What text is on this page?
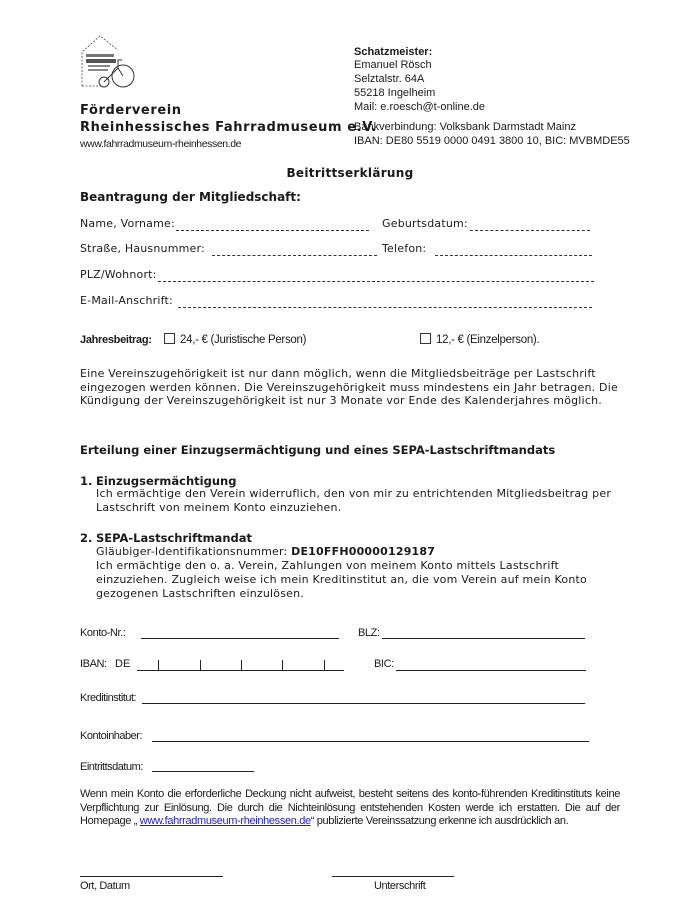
Förderverein
Rheinhessisches Fahrradmuseum e.V.
www.fahrradmuseum-rheinhessen.de
Schatzmeister:
Emanuel Rösch
Selztalstr. 64A
55218 Ingelheim
Mail: e.roesch@t-online.de
Bankverbindung: Volksbank Darmstadt Mainz
IBAN: DE80 5519 0000 0491 3800 10, BIC: MVBMDE55
Beitrittserklärung
Beantragung der Mitgliedschaft:
Name, Vorname:	Geburtsdatum:
Straße, Hausnummer:	Telefon:
PLZ/Wohnort:
E-Mail-Anschrift:
Jahresbeitrag:	24,- € (Juristische Person)	12,- € (Einzelperson).
Eine Vereinszugehörigkeit ist nur dann möglich, wenn die Mitgliedsbeiträge per Lastschrift eingezogen werden können. Die Vereinszugehörigkeit muss mindestens ein Jahr betragen. Die Kündigung der Vereinszugehörigkeit ist nur 3 Monate vor Ende des Kalenderjahres möglich.
Erteilung einer Einzugsermächtigung und eines SEPA-Lastschriftmandats
1. Einzugsermächtigung
Ich ermächtige den Verein widerruflich, den von mir zu entrichtenden Mitgliedsbeitrag per Lastschrift von meinem Konto einzuziehen.
2. SEPA-Lastschriftmandat
Gläubiger-Identifikationsnummer: DE10FFH00000129187
Ich ermächtige den o. a. Verein, Zahlungen von meinem Konto mittels Lastschrift einzuziehen. Zugleich weise ich mein Kreditinstitut an, die vom Verein auf mein Konto gezogenen Lastschriften einzulösen.
Konto-Nr.:	BLZ:
IBAN: DE	BIC:
Kreditinstitut:
Kontoinhaber:
Eintrittsdatum:
Wenn mein Konto die erforderliche Deckung nicht aufweist, besteht seitens des konto-führenden Kreditinstituts keine Verpflichtung zur Einlösung. Die durch die Nichteinlösung entstehenden Kosten werde ich erstatten. Die auf der Homepage „ www.fahrradmuseum-rheinhessen.de“ publizierte Vereinssatzung erkenne ich ausdrücklich an.
Ort, Datum	Unterschrift
